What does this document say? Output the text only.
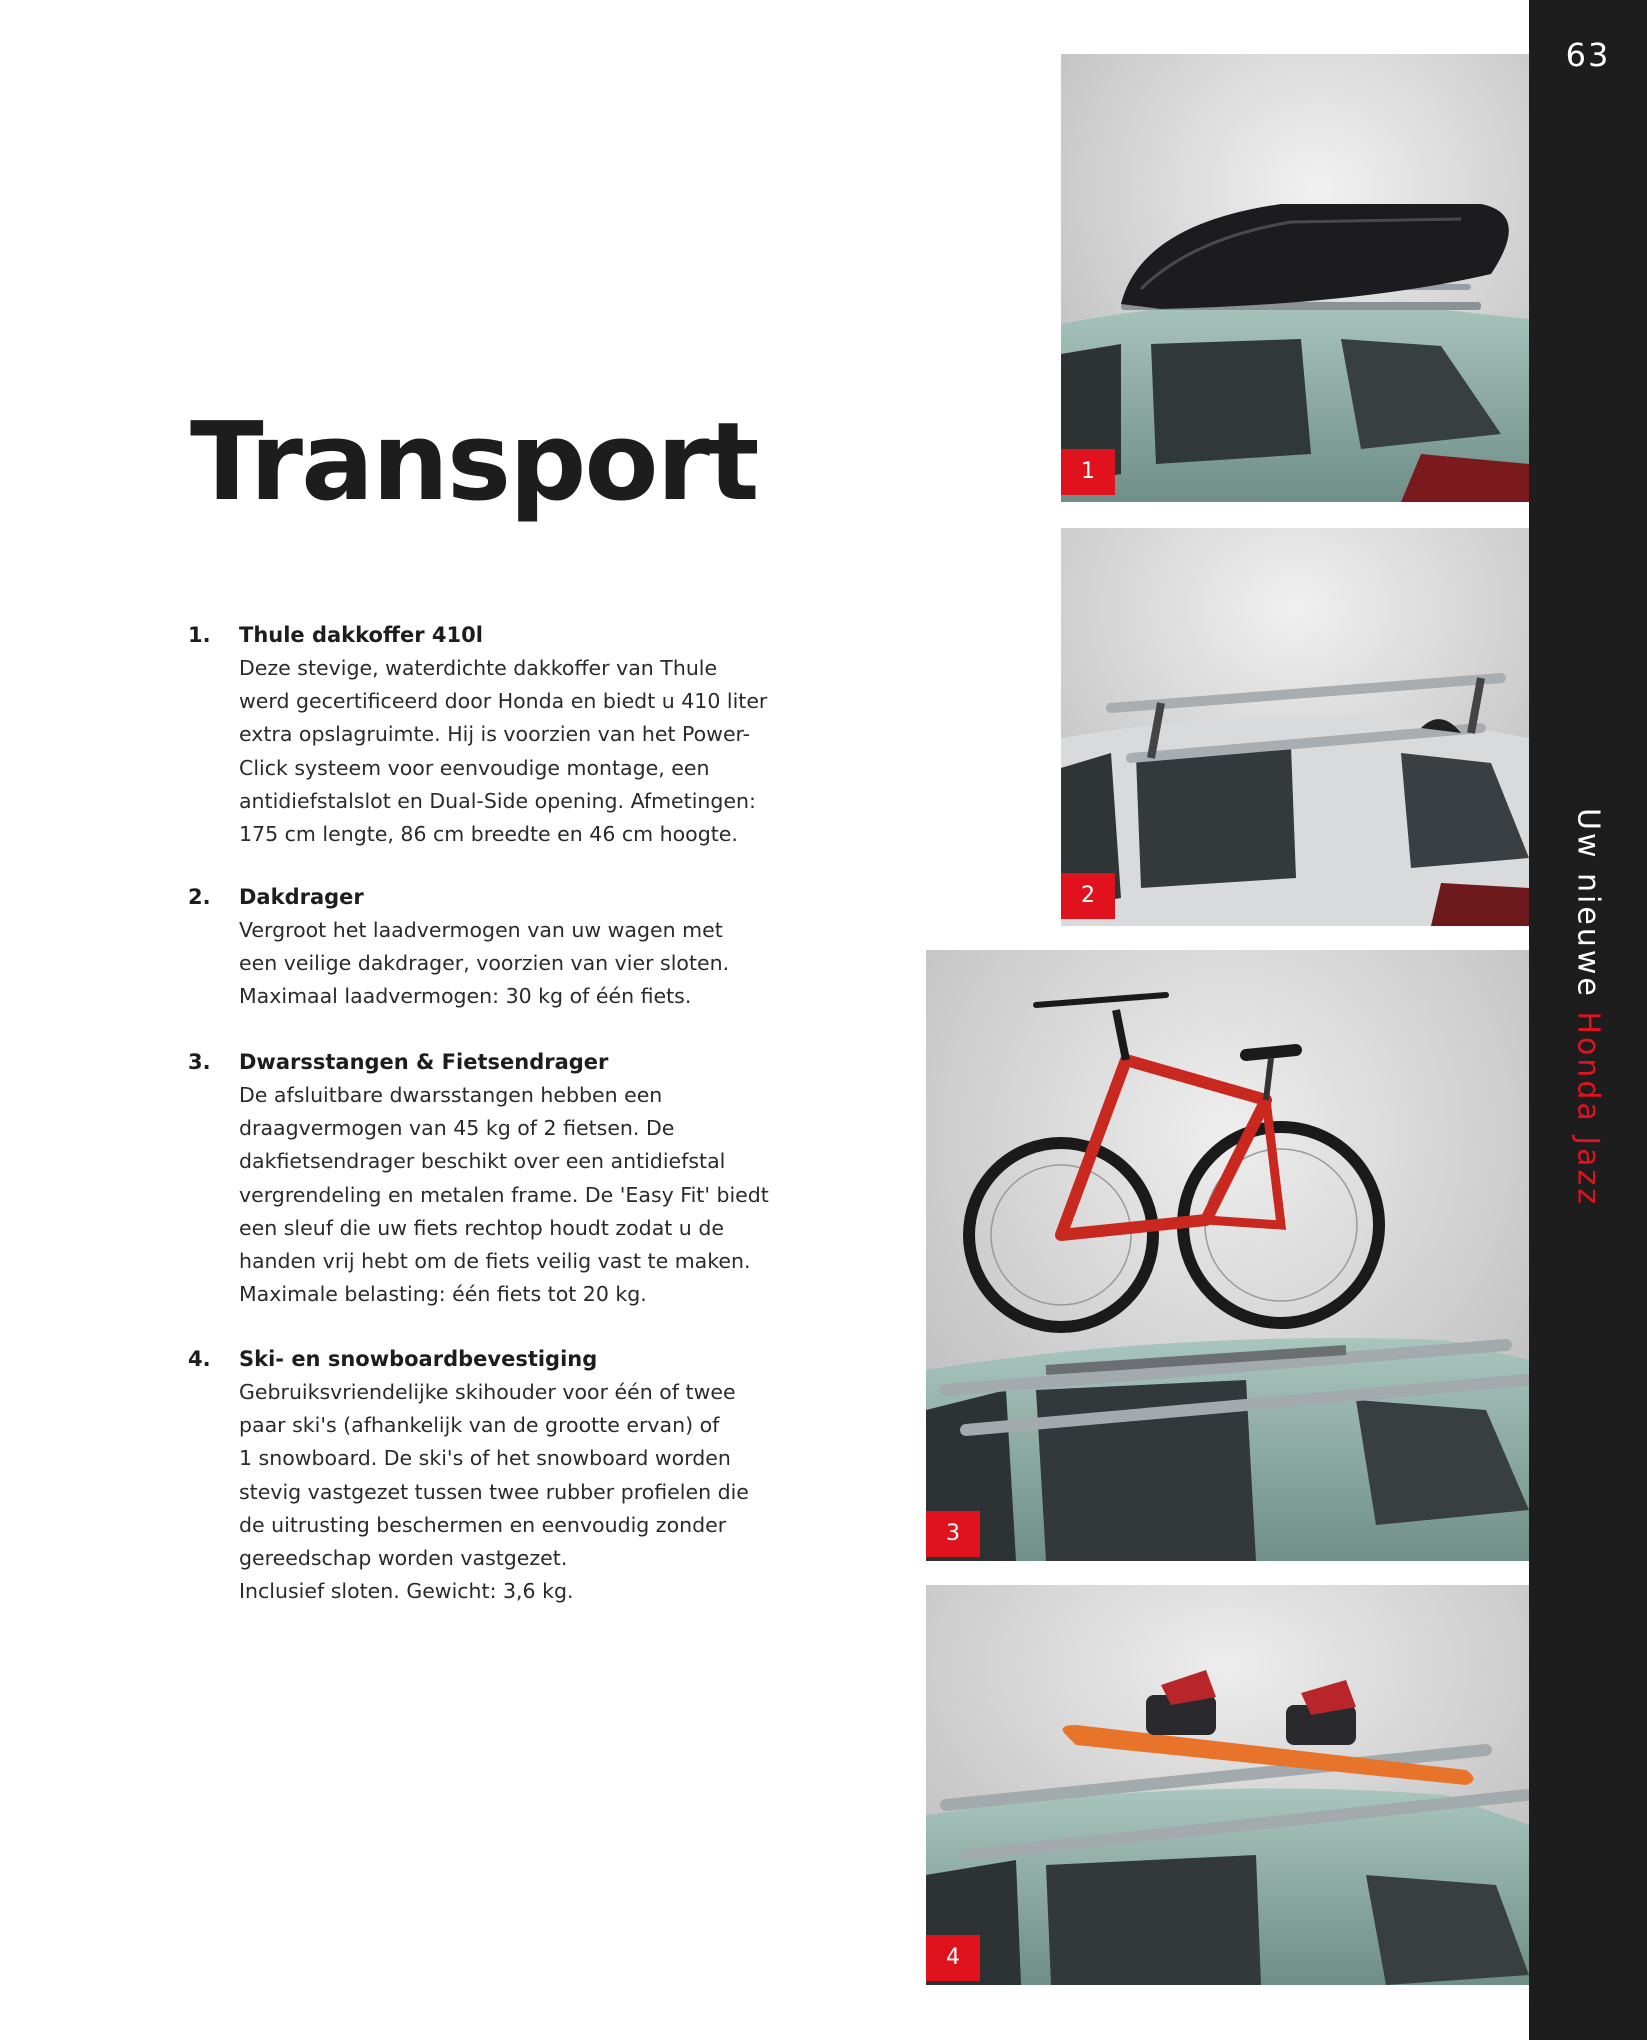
63
Uw nieuwe Honda Jazz
Transport
1. Thule dakkoffer 410l
Deze stevige, waterdichte dakkoffer van Thule
werd gecertificeerd door Honda en biedt u 410 liter
extra opslagruimte. Hij is voorzien van het Power-
Click systeem voor eenvoudige montage, een
antidiefstalslot en Dual-Side opening. Afmetingen:
175 cm lengte, 86 cm breedte en 46 cm hoogte.
2. Dakdrager
Vergroot het laadvermogen van uw wagen met
een veilige dakdrager, voorzien van vier sloten.
Maximaal laadvermogen: 30 kg of één fiets.
3. Dwarsstangen & Fietsendrager
De afsluitbare dwarsstangen hebben een
draagvermogen van 45 kg of 2 fietsen. De
dakfietsendrager beschikt over een antidiefstal
vergrendeling en metalen frame. De 'Easy Fit' biedt
een sleuf die uw fiets rechtop houdt zodat u de
handen vrij hebt om de fiets veilig vast te maken.
Maximale belasting: één fiets tot 20 kg.
4. Ski- en snowboardbevestiging
Gebruiksvriendelijke skihouder voor één of twee
paar ski's (afhankelijk van de grootte ervan) of
1 snowboard. De ski's of het snowboard worden
stevig vastgezet tussen twee rubber profielen die
de uitrusting beschermen en eenvoudig zonder
gereedschap worden vastgezet.
Inclusief sloten. Gewicht: 3,6 kg.
1
2
3
4
